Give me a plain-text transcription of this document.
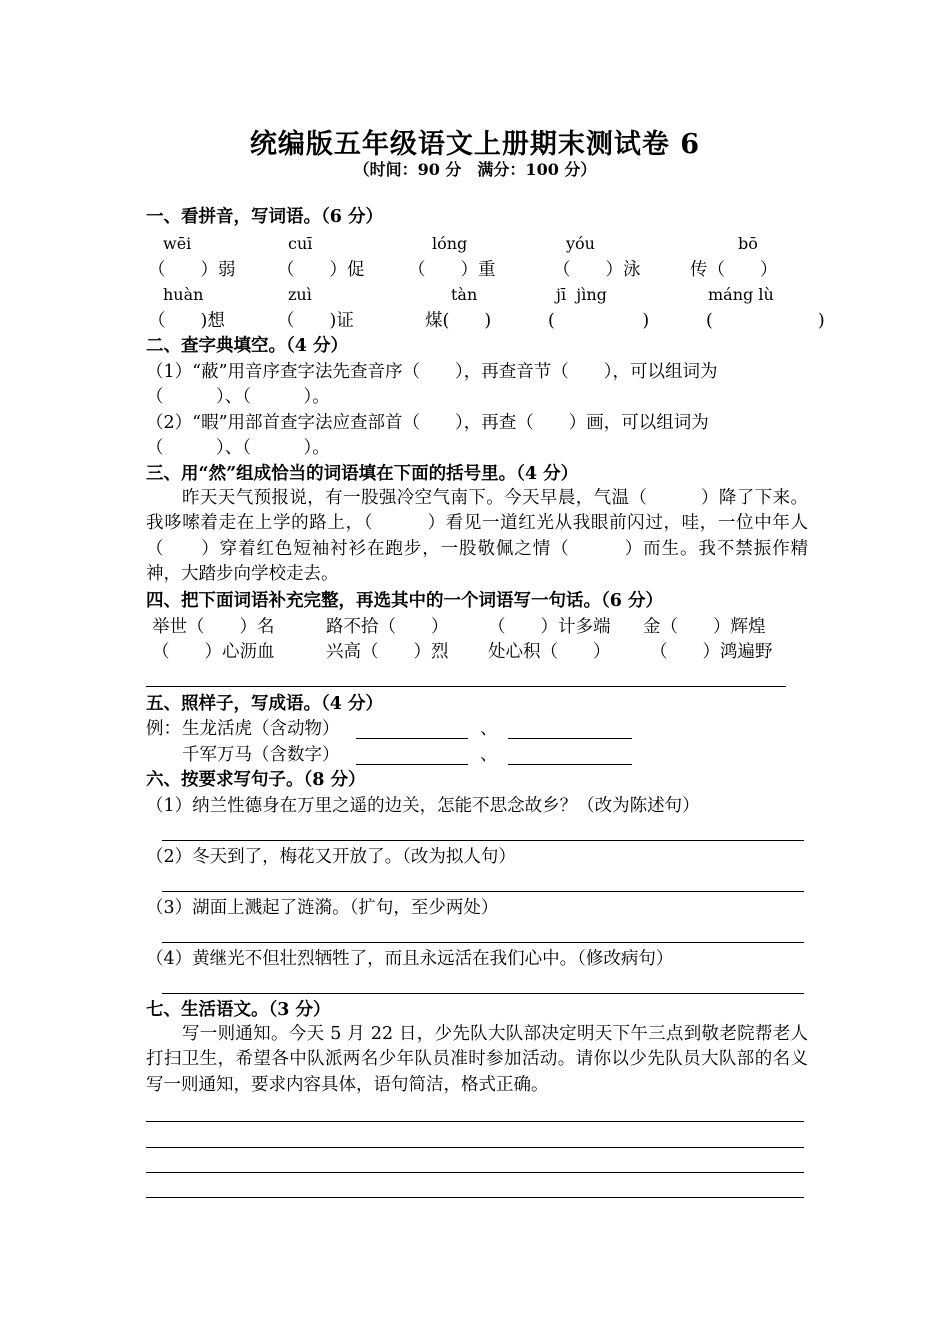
统编版五年级语文上册期末测试卷 6
（时间：90 分　满分：100 分）
一、看拼音，写词语。（6 分）
wēi	cuī	lóng	yóu	bō
（　　）弱 （　　）促 （　　）重	（　　）泳	传（　　）
huàn	zuì	tàn	jī  jìng	máng lù
（　　)想	（　　)证	煤(　　)	(　　　　　)	(　　　　　　)
二、查字典填空。（4 分）
（1）“蔽”用音序查字法先查音序（　　），再查音节（　　），可以组词为
（　　　）、（　　　）。
（2）“暇”用部首查字法应查部首（　　），再查（　　）画，可以组词为
（　　　）、（　　　）。
三、用“然”组成恰当的词语填在下面的括号里。（4 分）
昨天天气预报说，有一股强冷空气南下。今天早晨，气温（　　　）降了下来。我哆嗦着走在上学的路上，（　　　）看见一道红光从我眼前闪过，哇，一位中年人（　　）穿着红色短袖衬衫在跑步，一股敬佩之情（　　　）而生。我不禁振作精神，大踏步向学校走去。
四、把下面词语补充完整，再选其中的一个词语写一句话。（6 分）
举世（　　）名	路不拾（　　） （　　）计多端 金（　　）辉煌
（　　）心沥血	兴高（　　）烈 处心积（　　） （　　）鸿遍野
五、照样子，写成语。（4 分）
例： 生龙活虎（含动物）	、
千军万马（含数字）	、
六、按要求写句子。（8 分）
（1）纳兰性德身在万里之遥的边关，怎能不思念故乡？（改为陈述句）
（2）冬天到了，梅花又开放了。（改为拟人句）
（3）湖面上溅起了涟漪。（扩句，至少两处）
（4）黄继光不但壮烈牺牲了，而且永远活在我们心中。（修改病句）
七、生活语文。（3 分）
写一则通知。今天 5 月 22 日，少先队大队部决定明天下午三点到敬老院帮老人打扫卫生，希望各中队派两名少年队员准时参加活动。请你以少先队员大队部的名义写一则通知，要求内容具体，语句简洁，格式正确。
